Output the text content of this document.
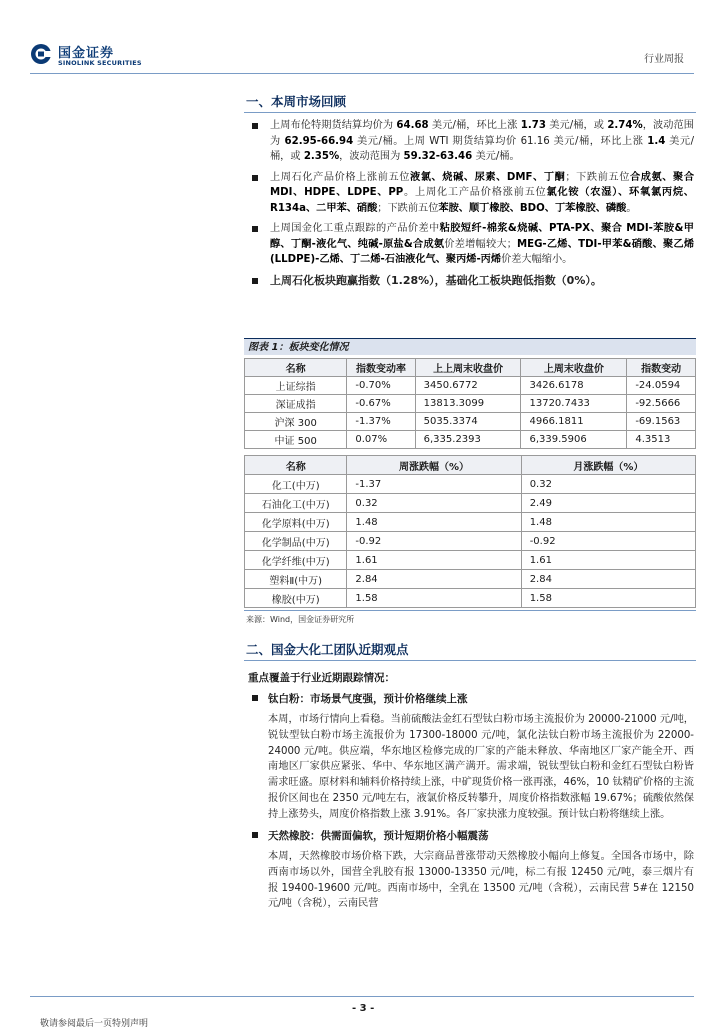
国金证券
SINOLINK SECURITIES	行业周报
一、本周市场回顾
上周布伦特期货结算均价为 64.68 美元/桶，环比上涨 1.73 美元/桶，或 2.74%，波动范围为 62.95-66.94 美元/桶。上周 WTI 期货结算均价 61.16 美元/桶，环比上涨 1.4 美元/桶，或 2.35%，波动范围为 59.32-63.46 美元/桶。
上周石化产品价格上涨前五位液氯、烧碱、尿素、DMF、丁酮；下跌前五位合成氨、聚合 MDI、HDPE、LDPE、PP。上周化工产品价格涨前五位氯化铵（农湿）、环氧氯丙烷、R134a、二甲苯、硝酸；下跌前五位苯胺、顺丁橡胶、BDO、丁苯橡胶、磷酸。
上周国金化工重点跟踪的产品价差中粘胶短纤-棉浆&烧碱、PTA-PX、聚合 MDI-苯胺&甲醇、丁酮-液化气、纯碱-原盐&合成氨价差增幅较大；MEG-乙烯、TDI-甲苯&硝酸、聚乙烯(LLDPE)-乙烯、丁二烯-石油液化气、聚丙烯-丙烯价差大幅缩小。
上周石化板块跑赢指数（1.28%），基础化工板块跑低指数（0%）。
图表 1：板块变化情况
名称	指数变动率	上上周末收盘价	上周末收盘价	指数变动
上证综指	-0.70%	3450.6772	3426.6178	-24.0594
深证成指	-0.67%	13813.3099	13720.7433	-92.5666
沪深 300	-1.37%	5035.3374	4966.1811	-69.1563
中证 500	0.07%	6,335.2393	6,339.5906	4.3513
名称	周涨跌幅（%）	月涨跌幅（%）
化工(中万)	-1.37	0.32
石油化工(中万)	0.32	2.49
化学原料(中万)	1.48	1.48
化学制品(中万)	-0.92	-0.92
化学纤维(中万)	1.61	1.61
塑料Ⅱ(中万)	2.84	2.84
橡胶(中万)	1.58	1.58
来源：Wind，国金证券研究所
二、国金大化工团队近期观点
重点覆盖于行业近期跟踪情况：
钛白粉：市场景气度强，预计价格继续上涨
本周，市场行情向上看稳。当前硫酸法金红石型钛白粉市场主流报价为 20000-21000 元/吨，锐钛型钛白粉市场主流报价为 17300-18000 元/吨，氯化法钛白粉市场主流报价为 22000-24000 元/吨。供应端，华东地区检修完成的厂家的产能未释放、华南地区厂家产能全开、西南地区厂家供应紧张、华中、华东地区满产满开。需求端，锐钛型钛白粉和金红石型钛白粉皆需求旺盛。原材料和辅料价格持续上涨，中矿现货价格一涨再涨，46%，10 钛精矿价格的主流报价区间也在 2350 元/吨左右，液氯价格反转攀升，周度价格指数涨幅 19.67%；硫酸依然保持上涨势头，周度价格指数上涨 3.91%。各厂家抉涨力度较强。预计钛白粉将继续上涨。
天然橡胶：供需面偏软，预计短期价格小幅震荡
本周，天然橡胶市场价格下跌，大宗商品普涨带动天然橡胶小幅向上修复。全国各市场中，除西南市场以外，国营全乳胶有报 13000-13350 元/吨，标二有报 12450 元/吨，泰三烟片有报 19400-19600 元/吨。西南市场中，全乳在 13500 元/吨（含税），云南民营 5#在 12150 元/吨（含税），云南民营
- 3 -
敬请参阅最后一页特别声明
